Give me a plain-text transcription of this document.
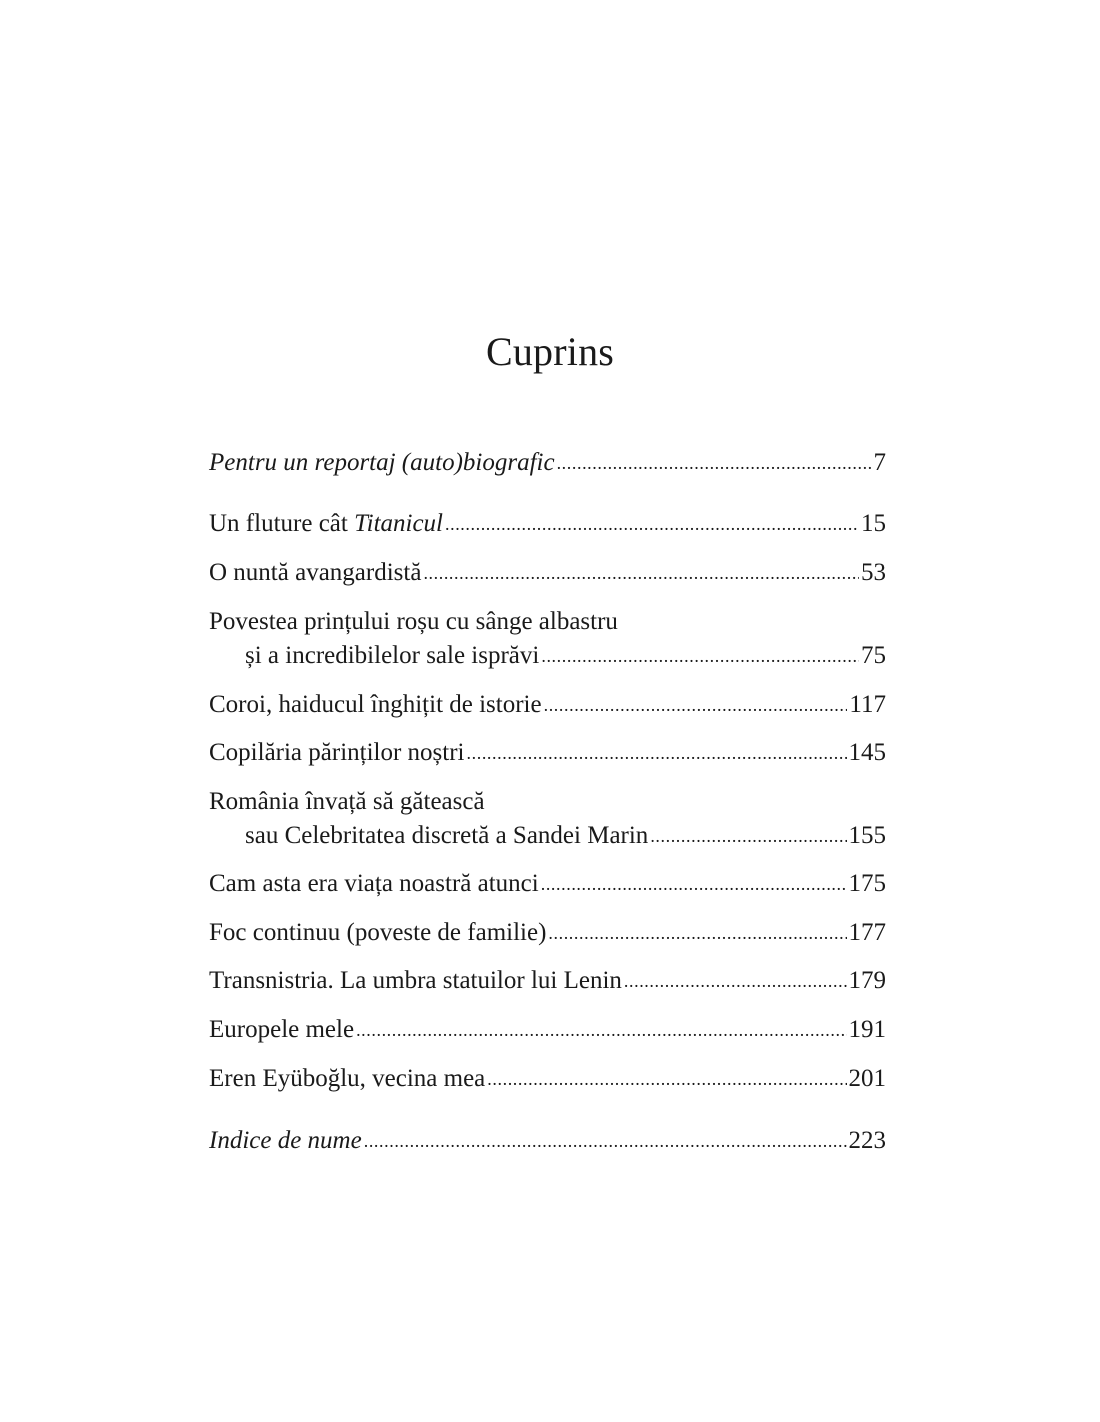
Cuprins
Pentru un reportaj (auto)biografic .....	7
Un fluture cât Titanicul .....	15
O nuntă avangardistă .....	53
Povestea prințului roșu cu sânge albastru
și a incredibilelor sale isprăvi .....	75
Coroi, haiducul înghițit de istorie .....	117
Copilăria părinților noștri .....	145
România învață să gătească
sau Celebritatea discretă a Sandei Marin .....	155
Cam asta era viața noastră atunci .....	175
Foc continuu (poveste de familie) .....	177
Transnistria. La umbra statuilor lui Lenin .....	179
Europele mele .....	191
Eren Eyüboğlu, vecina mea .....	201
Indice de nume .....	223
